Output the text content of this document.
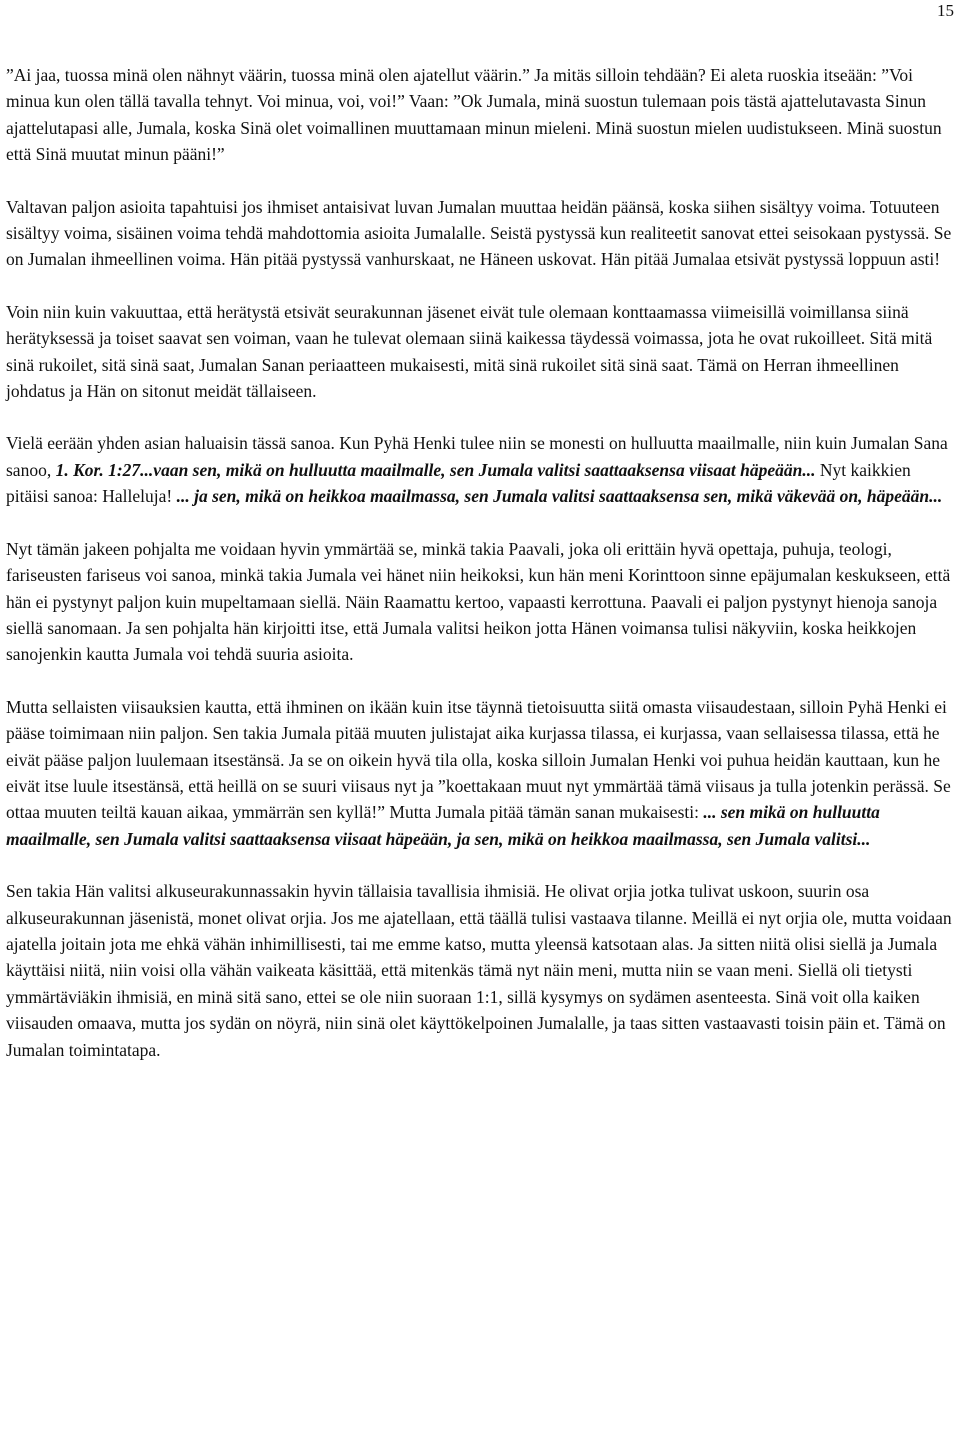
15

”Ai jaa, tuossa minä olen nähnyt väärin, tuossa minä olen ajatellut väärin.” Ja mitäs silloin tehdään? Ei aleta ruoskia itseään: ”Voi minua kun olen tällä tavalla tehnyt. Voi minua, voi, voi!” Vaan: ”Ok Jumala, minä suostun tulemaan pois tästä ajattelutavasta Sinun ajattelutapasi alle, Jumala, koska Sinä olet voimallinen muuttamaan minun mieleni. Minä suostun mielen uudistukseen. Minä suostun että Sinä muutat minun pääni!”

Valtavan paljon asioita tapahtuisi jos ihmiset antaisivat luvan Jumalan muuttaa heidän päänsä, koska siihen sisältyy voima. Totuuteen sisältyy voima, sisäinen voima tehdä mahdottomia asioita Jumalalle. Seistä pystyssä kun realiteetit sanovat ettei seisokaan pystyssä. Se on Jumalan ihmeellinen voima. Hän pitää pystyssä vanhurskaat, ne Häneen uskovat. Hän pitää Jumalaa etsivät pystyssä loppuun asti!

Voin niin kuin vakuuttaa, että herätystä etsivät seurakunnan jäsenet eivät tule olemaan konttaamassa viimeisillä voimillansa siinä herätyksessä ja toiset saavat sen voiman, vaan he tulevat olemaan siinä kaikessa täydessä voimassa, jota he ovat rukoilleet. Sitä mitä sinä rukoilet, sitä sinä saat, Jumalan Sanan periaatteen mukaisesti, mitä sinä rukoilet sitä sinä saat. Tämä on Herran ihmeellinen johdatus ja Hän on sitonut meidät tällaiseen.

Vielä eerään yhden asian haluaisin tässä sanoa. Kun Pyhä Henki tulee niin se monesti on hulluutta maailmalle, niin kuin Jumalan Sana sanoo, 1. Kor. 1:27...vaan sen, mikä on hulluutta maailmalle, sen Jumala valitsi saattaaksensa viisaat häpeään... Nyt kaikkien pitäisi sanoa: Halleluja! ... ja sen, mikä on heikkoa maailmassa, sen Jumala valitsi saattaaksensa sen, mikä väkevää on, häpeään...

Nyt tämän jakeen pohjalta me voidaan hyvin ymmärtää se, minkä takia Paavali, joka oli erittäin hyvä opettaja, puhuja, teologi, fariseusten fariseus voi sanoa, minkä takia Jumala vei hänet niin heikoksi, kun hän meni Korinttoon sinne epäjumalan keskukseen, että hän ei pystynyt paljon kuin mupeltamaan siellä. Näin Raamattu kertoo, vapaasti kerrottuna. Paavali ei paljon pystynyt hienoja sanoja siellä sanomaan. Ja sen pohjalta hän kirjoitti itse, että Jumala valitsi heikon jotta Hänen voimansa tulisi näkyviin, koska heikkojen sanojenkin kautta Jumala voi tehdä suuria asioita.

Mutta sellaisten viisauksien kautta, että ihminen on ikään kuin itse täynnä tietoisuutta siitä omasta viisaudestaan, silloin Pyhä Henki ei pääse toimimaan niin paljon. Sen takia Jumala pitää muuten julistajat aika kurjassa tilassa, ei kurjassa, vaan sellaisessa tilassa, että he eivät pääse paljon luulemaan itsestänsä. Ja se on oikein hyvä tila olla, koska silloin Jumalan Henki voi puhua heidän kauttaan, kun he eivät itse luule itsestänsä, että heillä on se suuri viisaus nyt ja ”koettakaan muut nyt ymmärtää tämä viisaus ja tulla jotenkin perässä. Se ottaa muuten teiltä kauan aikaa, ymmärrän sen kyllä!” Mutta Jumala pitää tämän sanan mukaisesti: ... sen mikä on hulluutta maailmalle, sen Jumala valitsi saattaaksensa viisaat häpeään, ja sen, mikä on heikkoa maailmassa, sen Jumala valitsi...

Sen takia Hän valitsi alkuseurakunnassakin hyvin tällaisia tavallisia ihmisiä. He olivat orjia jotka tulivat uskoon, suurin osa alkuseurakunnan jäsenistä, monet olivat orjia. Jos me ajatellaan, että täällä tulisi vastaava tilanne. Meillä ei nyt orjia ole, mutta voidaan ajatella joitain jota me ehkä vähän inhimillisesti, tai me emme katso, mutta yleensä katsotaan alas. Ja sitten niitä olisi siellä ja Jumala käyttäisi niitä, niin voisi olla vähän vaikeata käsittää, että mitenkäs tämä nyt näin meni, mutta niin se vaan meni. Siellä oli tietysti ymmärtäviäkin ihmisiä, en minä sitä sano, ettei se ole niin suoraan 1:1, sillä kysymys on sydämen asenteesta. Sinä voit olla kaiken viisauden omaava, mutta jos sydän on nöyrä, niin sinä olet käyttökelpoinen Jumalalle, ja taas sitten vastaavasti toisin päin et. Tämä on Jumalan toimintatapa.
